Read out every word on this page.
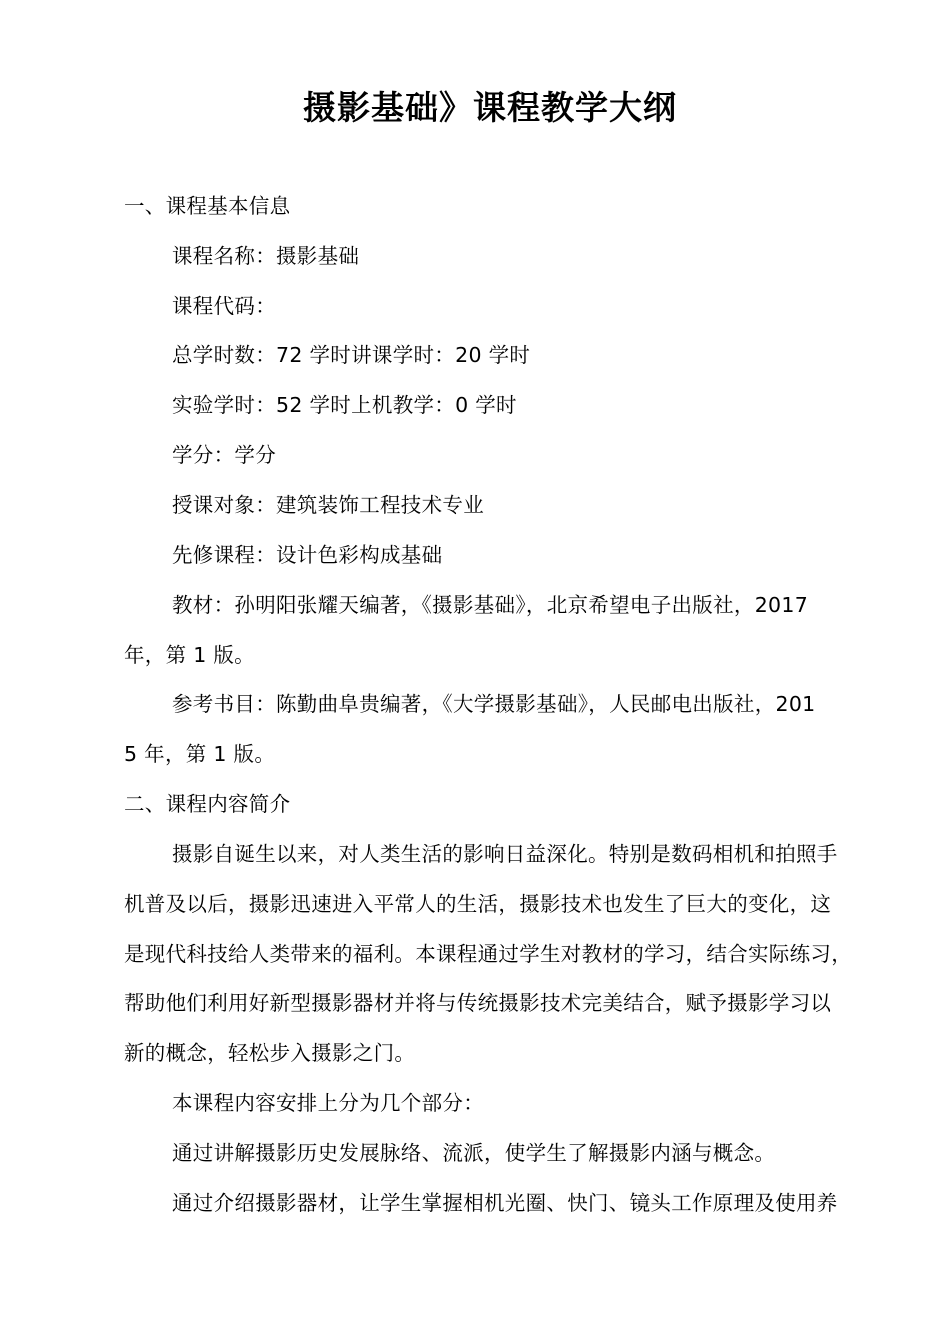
摄影基础》课程教学大纲
一、课程基本信息
课程名称：摄影基础
课程代码：
总学时数：72 学时讲课学时：20 学时
实验学时：52 学时上机教学：0 学时
学分：学分
授课对象：建筑装饰工程技术专业
先修课程：设计色彩构成基础
教材：孙明阳张耀天编著，《摄影基础》，北京希望电子出版社，2017
年，第 1 版。
参考书目：陈勤曲阜贵编著，《大学摄影基础》，人民邮电出版社，201
5 年，第 1 版。
二、课程内容简介
摄影自诞生以来，对人类生活的影响日益深化。特别是数码相机和拍照手
机普及以后，摄影迅速进入平常人的生活，摄影技术也发生了巨大的变化，这
是现代科技给人类带来的福利。本课程通过学生对教材的学习，结合实际练习，
帮助他们利用好新型摄影器材并将与传统摄影技术完美结合，赋予摄影学习以
新的概念，轻松步入摄影之门。
本课程内容安排上分为几个部分：
通过讲解摄影历史发展脉络、流派，使学生了解摄影内涵与概念。
通过介绍摄影器材，让学生掌握相机光圈、快门、镜头工作原理及使用养
